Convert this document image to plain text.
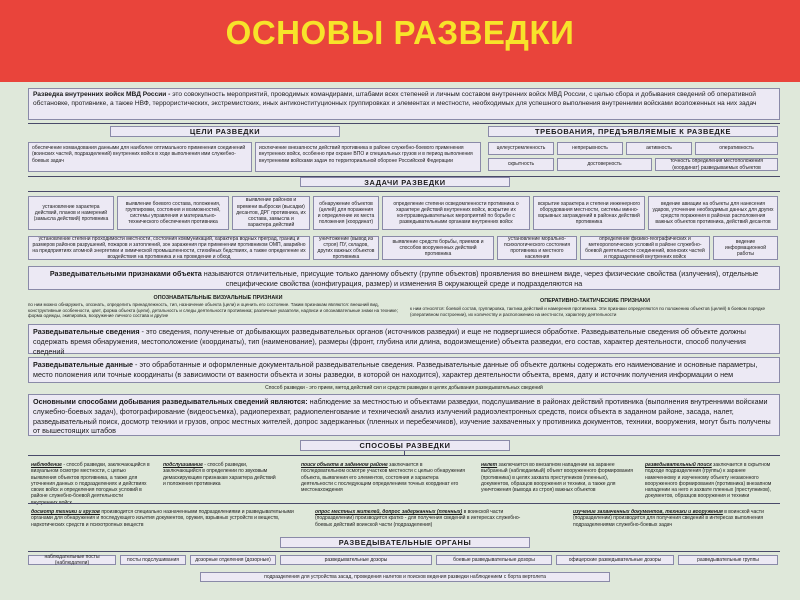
ОСНОВЫ РАЗВЕДКИ
Разведка внутренних войск МВД России - это совокупность мероприятий, проводимых командирами, штабами всех степеней и личным составом внутренних войск МВД России, с целью сбора и добывания сведений об оперативной обстановке, противнике, а также НВФ, террористических, экстремистских, иных антиконституционных группировках и элементах и местности, необходимых для успешного выполнения внутренними войсками возложенных на них задач
ЦЕЛИ РАЗВЕДКИ	ТРЕБОВАНИЯ, ПРЕДЪЯВЛЯЕМЫЕ К РАЗВЕДКЕ
обеспечение командования данными для наиболее оптимального применения соединений (воинских частей, подразделений) внутренних войск в ходе выполнения ими служебно-боевых задач
исключение внезапности действий противника в районе служебно-боевого применения внутренних войск, особенно при охране ВПО и специальных грузов и в период выполнения внутренними войсками задач по территориальной обороне Российской Федерации
целеустремленность	непрерывность	активность	оперативность
скрытность	достоверность
точность определения местоположения (координат) разведываемых объектов
ЗАДАЧИ РАЗВЕДКИ
установление характера действий, планов и намерений (замысла действий) противника
выявление боевого состава, положения, группировки, состояния и возможностей, системы управления и материально-технического обеспечения противника
выявление районов и времени выброски (высадки) десантов, ДРГ противника, их состава, замысла и характера действий
обнаружение объектов (целей) для поражения и определение их места положения (координат)
определение степени осведомленности противника о характере действий внутренних войск, вскрытие их контрразведывательных мероприятий по борьбе с разведывательными органами внутренних войск
вскрытие характера и степени инженерного оборудования местности, системы минно-взрывных заграждений в районах действий противника
ведение авиации на объекты для нанесения ударов, уточнение необходимых данных для других средств поражения в районах расположения важных объектов противника, действий десантов
установление степени проходимости местности, состояния коммуникаций, характера водных преград, границ и размеров районов разрушений, пожаров и затоплений, зон заражения при применении противником ОМП, аварийно на предприятиях атомной энергетики и химической промышленности, стихийных бедствиях, а также определение их воздействия на противника и на проведение и обход
уничтожение (вывод из строя) ПУ, складов, других важных объектов противника
выявление средств борьбы, приемов и способов вооруженных действий противника
установление морально-психологического состояния противника и местного населения
определение физико-географических и метеорологических условий в районе служебно-боевой деятельности соединений, воинских частей и подразделений внутренних войск
ведение информационной работы
Разведывательными признаками объекта называются отличительные, присущие только данному объекту (группе объектов) проявления во внешнем виде, через физические свойства (излучения), отдельные специфические свойства (конфигурация, размер) и изменения В окружающей среде и подразделяются на
ОПОЗНАВАТЕЛЬНЫЕ ВИЗУАЛЬНЫЕ ПРИЗНАКИ
по ним можно обнаружить, опознать, определить принадлежность, тип, назначение объекта (цели) и оценить его состояние. Таким признакам являются: внешний вид, конструктивные особенности, цвет, форма объекта (цели), детальность и следы деятельности противника; различные указатели, надписи и опознавательные знаки на технике; форма одежды, экипировка, вооружение личного состава и другие
ОПЕРАТИВНО-ТАКТИЧЕСКИЕ ПРИЗНАКИ
к ним относятся: боевой состав, группировка, тактика действий и намерения противника. Эти признаки определяются по положению объектов (целей) в боевом порядке (оперативном построении), их количеству и расположению на местности, характеру деятельности
Разведывательные сведения - это сведения, полученные от добывающих разведывательных органов (источников разведки) и еще не подвергшиеся обработке. Разведывательные сведения об объекте должны содержать время обнаружения, местоположение (координаты), тип (наименование), размеры (фронт, глубина или длина, водоизмещение) объекта разведки, его состав, характер деятельности, способ получения сведений
Разведывательные данные - это обработанные и оформленные документальной разведывательные сведения. Разведывательные данные об объекте должны содержать его наименование и основные параметры, место положения или точные координаты (в зависимости от важности объекта и зоны разведки, в которой он находится), характер деятельности объекта, время, дату и источник получения информации о нем
Способ разведки - это прием, метод действий сил и средств разведки в целях добывания разведывательных сведений
Основными способами добывания разведывательных сведений являются: наблюдение за местностью и объектами разведки, подслушивание в районах действий противника (выполнения внутренними войсками служебно-боевых задач), фотографирование (видеосъемка), радиоперехват, радиопеленгование и технический анализ излучений радиоэлектронных средств, поиск объекта в заданном районе, засада, налет, разведывательный поиск, досмотр техники и грузов, опрос местных жителей, допрос задержанных (пленных и перебежчиков), изучение захваченных у противника документов, техники, вооружения, могут быть получены от вышестоящих штабов
СПОСОБЫ РАЗВЕДКИ
наблюдение - способ разведки, заключающийся в визуальном осмотре местности, с целью выявления объектов противника, а также для уточнения данных о подразделениях и действиях своих войск и определения погодных условий в районе служебно-боевой деятельности
подслушивание - способ разведки, заключающийся в определении по звуковым демаскирующим признакам характера действий и положения противника
поиск объекта в заданном районе заключается в последовательном осмотре участков местности с целью обнаружения объекта, выявления его элементов, состояния и характера деятельности с последующим определением точных координат его местонахождения
налет заключается во внезапном нападении на заранее выбранный (наблюдаемый) объект вооруженного формирования (противника) в целях захвата преступников (пленных), документов, образцов вооружения и техники, а также для уничтожения (вывода из строя) важных объектов
разведывательный поиск заключается в скрытном подходе подразделения (группы) к заранее намеченному и изученному объекту незаконного вооруженного формирования (противника) внезапном нападении на него и захвате пленных (преступников), документов, образцов вооружения и техники
досмотр техники и грузов производится специально назначенными подразделениями и разведывательными органами для обнаружения и последующего изъятия документов, оружия, взрывных устройств и веществ, наркотических средств и психотропных веществ
опрос местных жителей, допрос задержанных (пленных) в воинской части (подразделении) производится кратко - для получения сведений в интересах служебно-боевых действий воинской части (подразделения)
изучение захваченных документов, техники и вооружения в воинской части (подразделении) производится для получения сведений в интересах выполнения подразделениями служебно-боевых задач
РАЗВЕДЫВАТЕЛЬНЫЕ ОРГАНЫ
наблюдательные посты (наблюдатели)
посты подслушивания	дозорные отделения (дозорные)	разведывательные дозоры	боевые разведывательные дозоры	офицерские разведывательные дозоры	разведывательные группы
подразделения для устройства засад, проведения налетов и поисков ведения разведки наблюдением с борта вертолета
